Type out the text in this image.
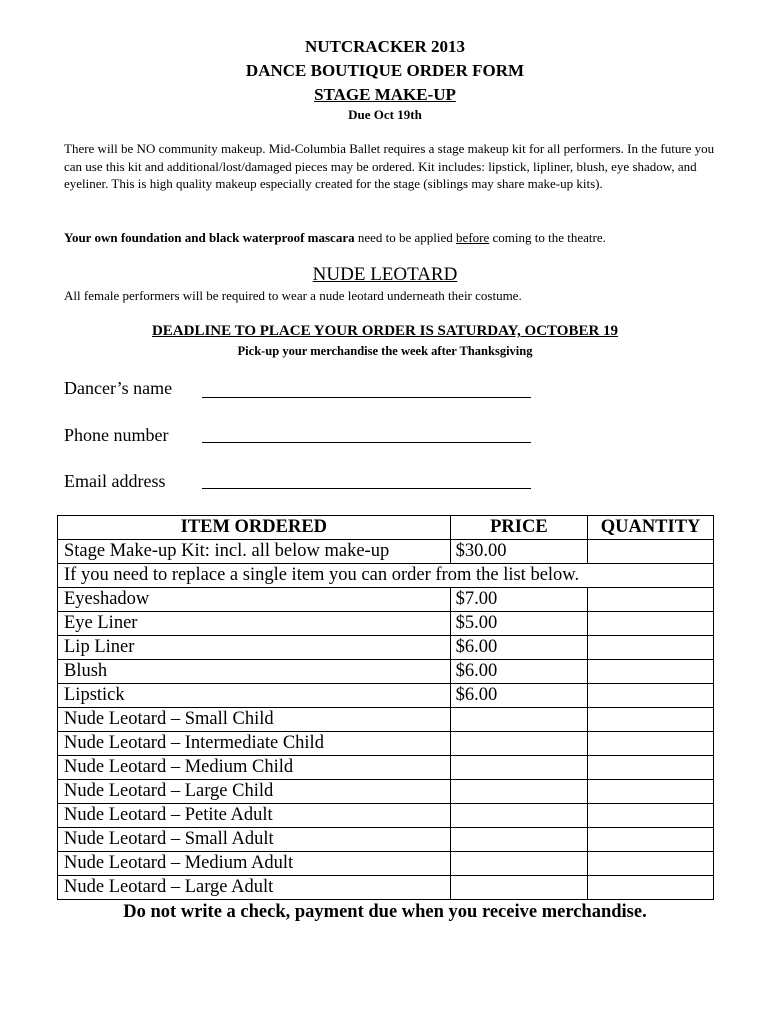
NUTCRACKER 2013
DANCE BOUTIQUE ORDER FORM
STAGE MAKE-UP
Due Oct 19th
There will be NO community makeup. Mid-Columbia Ballet requires a stage makeup kit for all performers. In the future you can use this kit and additional/lost/damaged pieces may be ordered. Kit includes: lipstick, lipliner, blush, eye shadow, and eyeliner. This is high quality makeup especially created for the stage (siblings may share make-up kits).
Your own foundation and black waterproof mascara need to be applied before coming to the theatre.
NUDE LEOTARD
All female performers will be required to wear a nude leotard underneath their costume.
DEADLINE TO PLACE YOUR ORDER IS SATURDAY, OCTOBER 19
Pick-up your merchandise the week after Thanksgiving
Dancer’s name
Phone number
Email address
ITEM ORDERED	PRICE	QUANTITY
Stage Make-up Kit: incl. all below make-up	$30.00	
If you need to replace a single item you can order from the list below.		
Eyeshadow	$7.00	
Eye Liner	$5.00	
Lip Liner	$6.00	
Blush	$6.00	
Lipstick	$6.00	
Nude Leotard – Small Child		
Nude Leotard – Intermediate Child		
Nude Leotard – Medium Child		
Nude Leotard – Large Child		
Nude Leotard – Petite Adult		
Nude Leotard – Small Adult		
Nude Leotard – Medium Adult		
Nude Leotard – Large Adult		
Do not write a check, payment due when you receive merchandise.
